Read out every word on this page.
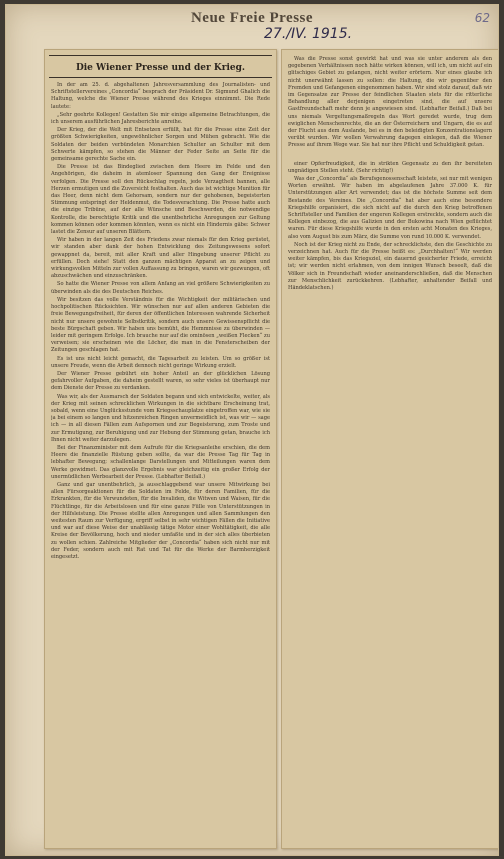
Neue Freie Presse
27./IV. 1915.
62
Die Wiener Presse und der Krieg.

In der am 25. d. abgehaltenen Jahresversammlung des Journalisten- und Schriftstellervereines „Concordia“ besprach der Präsident Dr. Sigmund Ghalich die Haltung, welche die Wiener Presse während des Krieges einnimmt. Die Rede lautete:

„Sehr geehrte Kollegen! Gestatten Sie mir einige allgemeine Betrachtungen, die ich unserem ausführlichen Jahresberichte anreihe.

Der Krieg, der die Welt mit Entsetzen erfüllt, hat für die Presse eine Zeit der größten Schwierigkeiten, ungewöhnlicher Sorgen und Mühen gebracht. Wie die Soldaten der beiden verbündeten Monarchien Schulter an Schulter mit dem Schwerte kämpfen, so stehen die Männer der Feder Seite an Seite für die gemeinsame gerechte Sache ein.

Die Presse ist das Bindeglied zwischen dem Heere im Felde und den Angehörigen, die daheim in atemloser Spannung den Gang der Ereignisse verfolgen. Die Presse soll den Rückschlag regeln, jede Verzagtheit bannen, alle Herzen ermutigen und die Zuversicht festhalten. Auch das ist wichtige Munition für das Heer, denn nicht dem Gehorsam, sondern nur der gehobenen, begeisterten Stimmung entspringt der Heldenmut, die Todesverachtung. Die Presse hatte auch die einzige Tribüne, auf der alle Wünsche und Beschwerden, die notwendige Kontrolle, die berechtigte Kritik und die unentbehrliche Anregungen zur Geltung kommen können oder kommen könnten, wenn es nicht ein Hindernis gäbe: Schwer lastet die Zensur auf unseren Blättern.

Wir haben in der langen Zeit des Friedens zwar niemals für den Krieg gerüstet, wir standen aber dank der hohen Entwicklung des Zeitungswesens sofort gewappnet da, bereit, mit aller Kraft und aller Hingebung unserer Pflicht zu erfüllen. Doch siehe! Statt den ganzen mächtigen Apparat an zu zeigen und wirkungsvollen Mitteln zur vollen Auffassung zu bringen, waren wir gezwungen, oft abzuschwächen und einzuschränken.

So hatte die Wiener Presse von allem Anfang an viel größere Schwierigkeiten zu überwinden als die des Deutschen Reiches.

Wir besitzen das volle Verständnis für die Wichtigkeit der militärischen und hochpolitischen Rücksichten. Wir wünschen nur auf allen anderen Gebieten die freie Bewegungsfreiheit, für deren der öffentlichen Interessen wahrende Sicherheit nicht nur unsere gewohnte Selbstkritik, sondern auch unsere Gewissenspflicht die beste Bürgschaft geben. Wir haben uns bemüht, die Hemmnisse zu überwinden — leider mit geringem Erfolge. Ich brauche nur auf die ominösen „weißen Flecken“ zu verweisen; sie erscheinen wie die Löcher, die man in die Fensterscheiben der Zeitungen geschlagen hat.

Es ist uns nicht leicht gemacht, die Tagesarbeit zu leisten. Um so größer ist unsere Freude, wenn die Arbeit dennoch nicht geringe Wirkung erzielt.

Der Wiener Presse gebührt ein hoher Anteil an der glücklichen Lösung gefahrvoller Aufgaben, die daheim gestellt waren, so sehr vieles ist überhaupt nur dem Dienste der Presse zu verdanken.

Was wir, als der Ausmarsch der Soldaten begann und sich entwickelte, weiter, als der Krieg mit seinen schrecklichen Wirkungen in die sichtbare Erscheinung trat, sobald, wenn eine Unglücksstunde vom Kriegsschauplatze eingetroffen war, wie sie ja bei einem so langen und hitzenreichen Ringen unvermeidlich ist, was wir — sage ich — in all diesen Fällen zum Aufspornen und zur Begeisterung, zum Troste und zur Ermutigung, zur Beruhigung und zur Hebung der Stimmung getan, brauche ich Ihnen nicht weiter darzulegen.

Bei der Finanzminister mit dem Aufrufe für die Kriegsanleihe erschien, die dem Heere die finanzielle Rüstung geben sollte, da war die Presse Tag für Tag in lebhafter Bewegung; schallenlange Darstellungen und Mitteilungen waren dem Werke gewidmet. Das glanzvolle Ergebnis war gleichzeitig ein großer Erfolg der unermüdlichen Werbearbeit der Presse. (Lebhafter Beifall.)

Ganz und gar unentbehrlich, ja ausschlaggebend war unsere Mitwirkung bei allen Fürsorgeaktionen für die Soldaten im Felde, für deren Familien, für die Erkrankten, für die Verwundeten, für die Invaliden, die Witwen und Waisen, für die Flüchtlinge, für die Arbeitslosen und für eine ganze Fülle von Unterstützungen in der Hilfsleistung. Die Presse stellte allen Anregungen und allen Sammlungen den weitesten Raum zur Verfügung, ergriff selbst in sehr wichtigen Fällen die Initiative und war auf diese Weise der unablässig tätige Motor einer Wohltätigkeit, die alle Kreise der Bevölkerung, hoch und nieder umfaßte und in der sich alles überbieten zu wollen schien. Zahlreiche Mitglieder der „Concordia“ haben sich nicht nur mit der Feder, sondern auch mit Rat und Tat für die Werke der Barmherzigkeit eingesetzt.

Was die Presse sonst gewirkt hat und was sie unter anderem als den gegebenen Verhältnissen noch hätte wirken können, will ich, um nicht auf ein glitschiges Gebiet zu gelangen, nicht weiter erörtern. Nur eines glaube ich nicht unerwähnt lassen zu sollen: die Haltung, die wir gegenüber den Fremden und Gefangenen eingenommen haben. Wir sind stolz darauf, daß wir im Gegensatze zur Presse der feindlichen Staaten stets für die ritterliche Behandlung aller derjenigen eingetreten sind, die auf unsere Gastfreundschaft mehr denn je angewiesen sind. (Lebhafter Beifall.) Daß bei uns niemals Vergeltungsmaßregeln das Wort geredet wurde, trug dem ewiglichen Menschenrechte, die an der Österreichern und Ungarn, die es auf der Flucht aus dem Auslande, bei es in den beleidigten Konzentrationslagern verübt wurden. Wir wollen Verwahrung dagegen einlegen, daß die Wiener Presse auf ihrem Wege war. Sie hat nur ihre Pflicht und Schuldigkeit getan.

einer Opferfreudigkeit, die in strikten Gegensatz zu den ihr bereiteten ungnädigen Stellen steht. (Sehr richtig!)

Was der „Concordia“ als Berufsgenossenschaft leistete, sei nur mit wenigen Worten erwähnt. Wir haben im abgelaufenen Jahre 37.000 K. für Unterstützungen aller Art verwendet; das ist die höchste Summe seit dem Bestande des Vereines. Die „Concordia“ hat aber auch eine besondere Kriegshilfe organisiert, die sich nicht auf die durch den Krieg betroffenen Schriftsteller und Familien der engeren Kollegen erstreckte, sondern auch die Kollegen einbezog, die aus Galizien und der Bukowina nach Wien geflüchtet waren. Für diese Kriegshilfe wurde in den ersten acht Monaten des Krieges, also vom August bis zum März, die Summe von rund 10.000 K. verwendet.

Noch ist der Krieg nicht zu Ende, der schrecklichste, den die Geschichte zu verzeichnen hat. Auch für die Presse heißt es: „Durchhalten!“ Wir werden weiter kämpfen, bis das Kriegsziel, ein dauernd gesicherter Friede, erreicht ist; wir werden nicht erlahmen, von dem innigen Wunsch beseelt, daß die Völker sich in Freundschaft wieder aneinanderschließen, daß die Menschen zur Menschlichkeit zurückkehren. (Lebhafter, anhaltender Beifall und Händeklatschen.)
